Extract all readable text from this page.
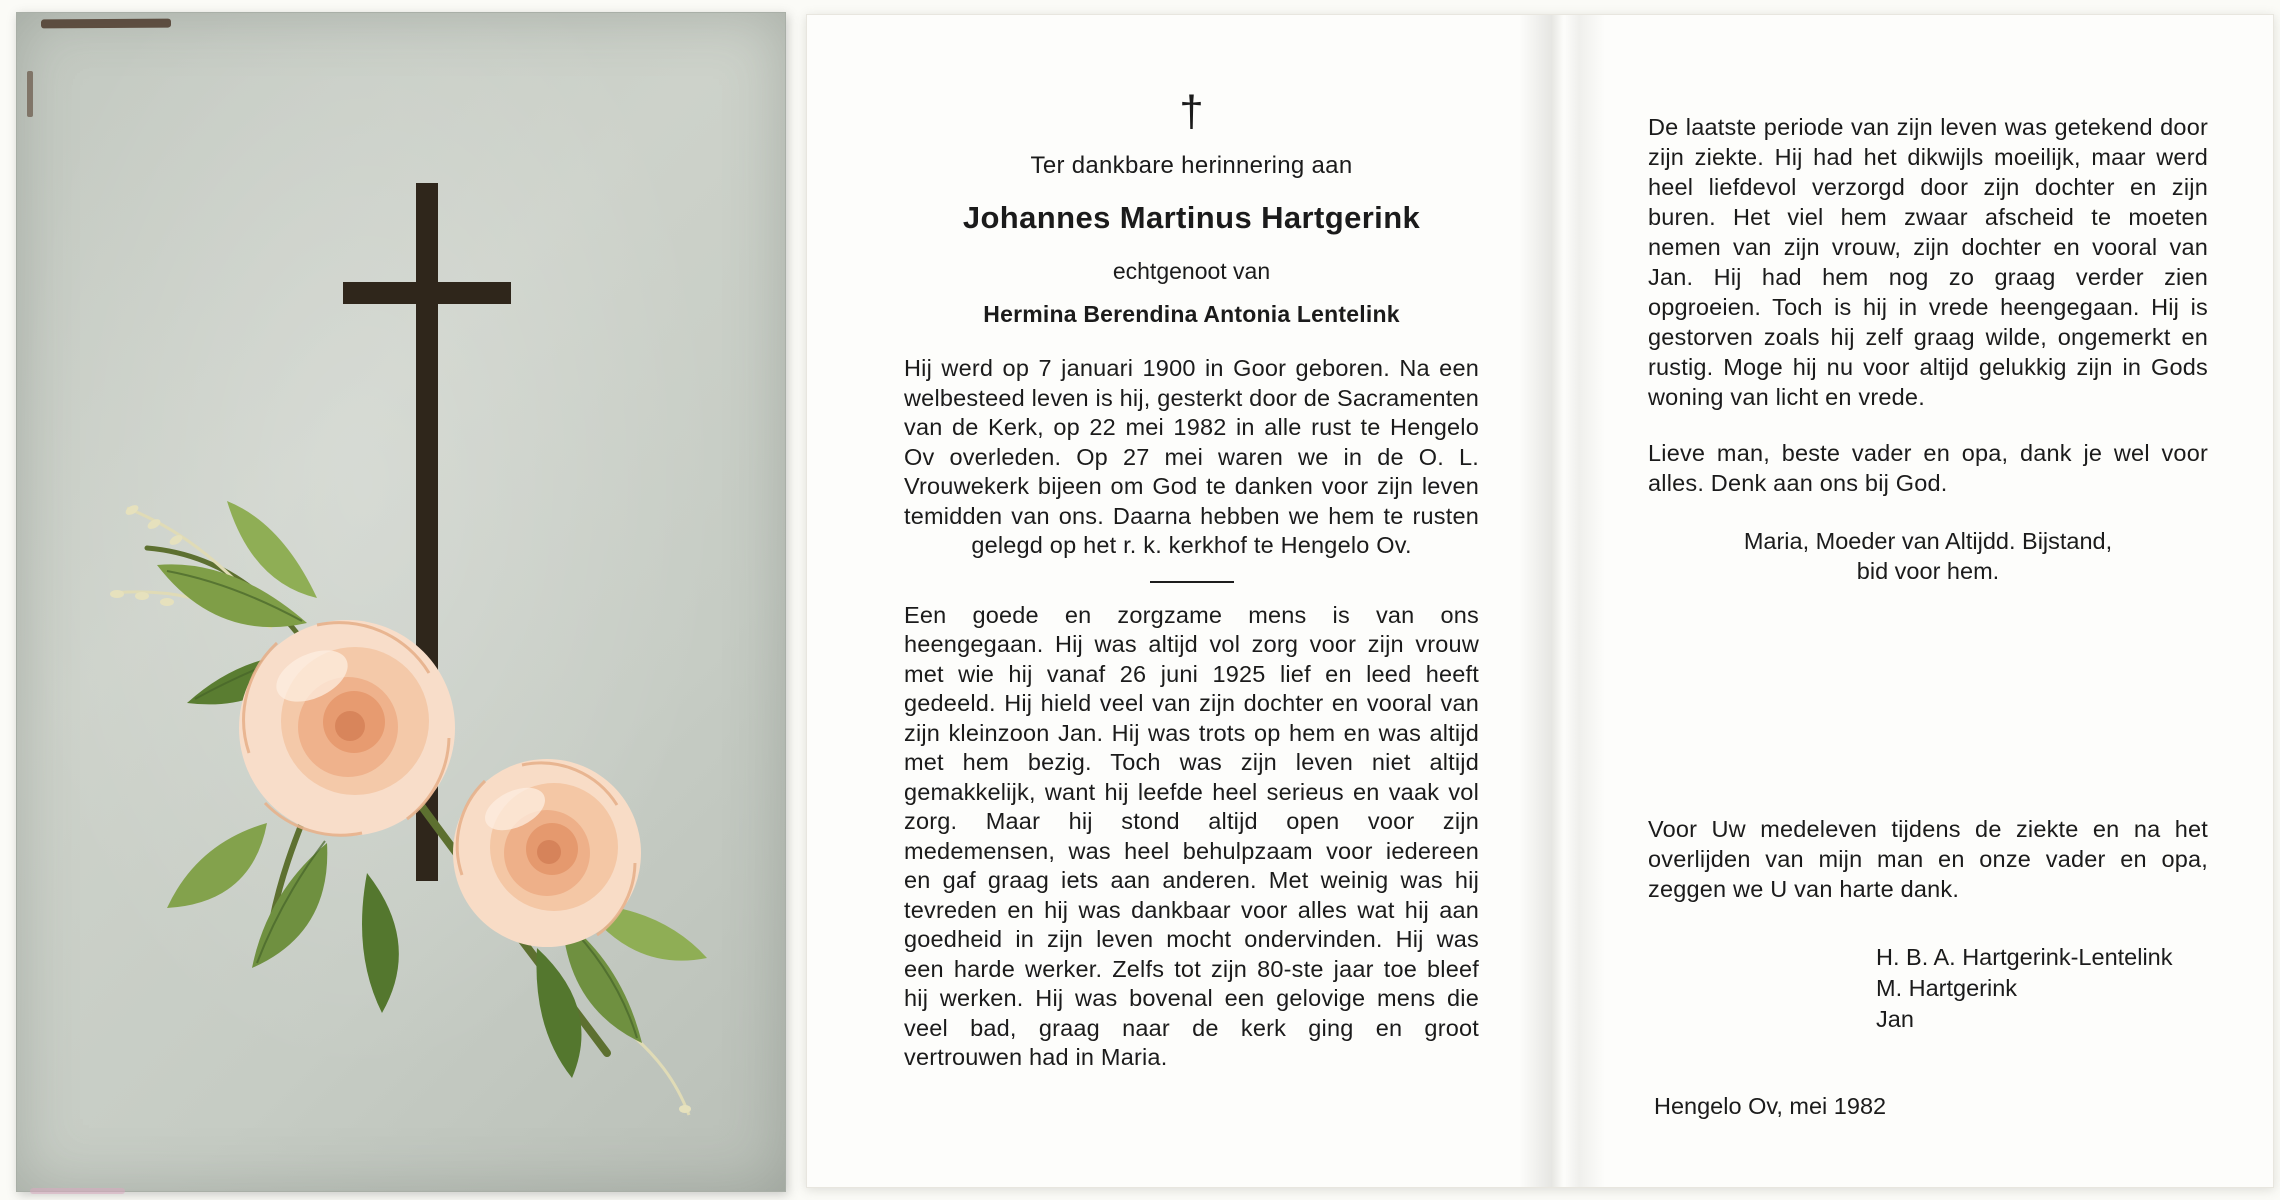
†

Ter dankbare herinnering aan

Johannes Martinus Hartgerink

echtgenoot van

Hermina Berendina Antonia Lentelink

Hij werd op 7 januari 1900 in Goor geboren. Na een welbesteed leven is hij, gesterkt door de Sacramenten van de Kerk, op 22 mei 1982 in alle rust te Hengelo Ov overleden. Op 27 mei waren we in de O. L. Vrouwekerk bijeen om God te danken voor zijn leven temidden van ons. Daarna hebben we hem te rusten gelegd op het r. k. kerkhof te Hengelo Ov.

Een goede en zorgzame mens is van ons heengegaan. Hij was altijd vol zorg voor zijn vrouw met wie hij vanaf 26 juni 1925 lief en leed heeft gedeeld. Hij hield veel van zijn dochter en vooral van zijn kleinzoon Jan. Hij was trots op hem en was altijd met hem bezig. Toch was zijn leven niet altijd gemakkelijk, want hij leefde heel serieus en vaak vol zorg. Maar hij stond altijd open voor zijn medemensen, was heel behulpzaam voor iedereen en gaf graag iets aan anderen. Met weinig was hij tevreden en hij was dankbaar voor alles wat hij aan goedheid in zijn leven mocht ondervinden. Hij was een harde werker. Zelfs tot zijn 80-ste jaar toe bleef hij werken. Hij was bovenal een gelovige mens die veel bad, graag naar de kerk ging en groot vertrouwen had in Maria.

De laatste periode van zijn leven was getekend door zijn ziekte. Hij had het dikwijls moeilijk, maar werd heel liefdevol verzorgd door zijn dochter en zijn buren. Het viel hem zwaar afscheid te moeten nemen van zijn vrouw, zijn dochter en vooral van Jan. Hij had hem nog zo graag verder zien opgroeien. Toch is hij in vrede heengegaan. Hij is gestorven zoals hij zelf graag wilde, ongemerkt en rustig. Moge hij nu voor altijd gelukkig zijn in Gods woning van licht en vrede.

Lieve man, beste vader en opa, dank je wel voor alles. Denk aan ons bij God.

Maria, Moeder van Altijdd. Bijstand,
bid voor hem.

Voor Uw medeleven tijdens de ziekte en na het overlijden van mijn man en onze vader en opa, zeggen we U van harte dank.

H. B. A. Hartgerink-Lentelink
M. Hartgerink
Jan

Hengelo Ov, mei 1982
